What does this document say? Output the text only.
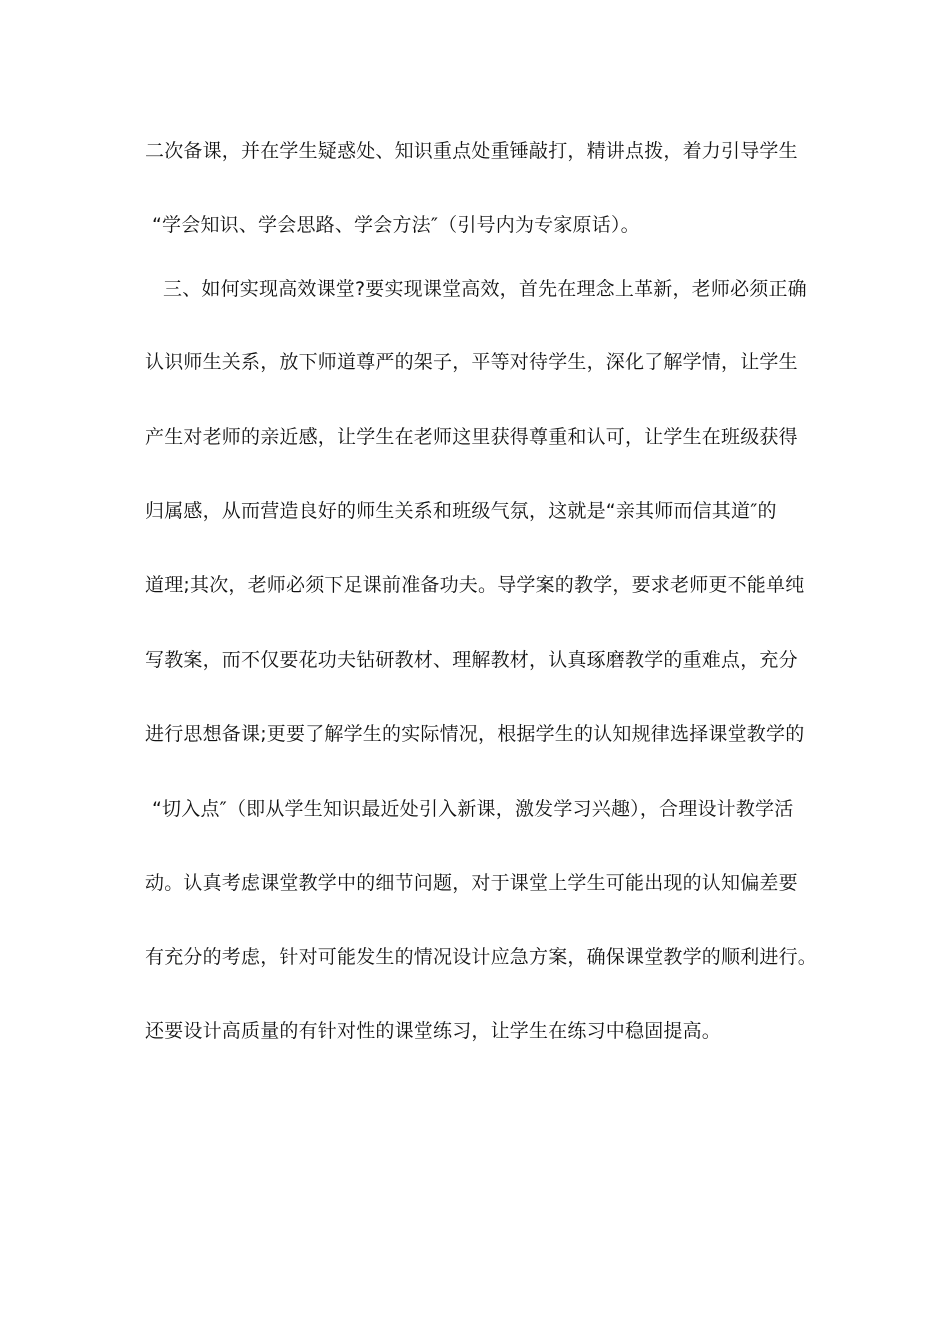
二次备课，并在学生疑惑处、知识重点处重锤敲打，精讲点拨，着力引导学生
“学会知识、学会思路、学会方法″（引号内为专家原话）。
三、如何实现高效课堂?要实现课堂高效，首先在理念上革新，老师必须正确
认识师生关系，放下师道尊严的架子，平等对待学生，深化了解学情，让学生
产生对老师的亲近感，让学生在老师这里获得尊重和认可，让学生在班级获得
归属感，从而营造良好的师生关系和班级气氛，这就是“亲其师而信其道″的
道理;其次，老师必须下足课前准备功夫。导学案的教学，要求老师更不能单纯
写教案，而不仅要花功夫钻研教材、理解教材，认真琢磨教学的重难点，充分
进行思想备课;更要了解学生的实际情况，根据学生的认知规律选择课堂教学的
“切入点″（即从学生知识最近处引入新课，激发学习兴趣），合理设计教学活
动。认真考虑课堂教学中的细节问题，对于课堂上学生可能出现的认知偏差要
有充分的考虑，针对可能发生的情况设计应急方案，确保课堂教学的顺利进行。
还要设计高质量的有针对性的课堂练习，让学生在练习中稳固提高。
